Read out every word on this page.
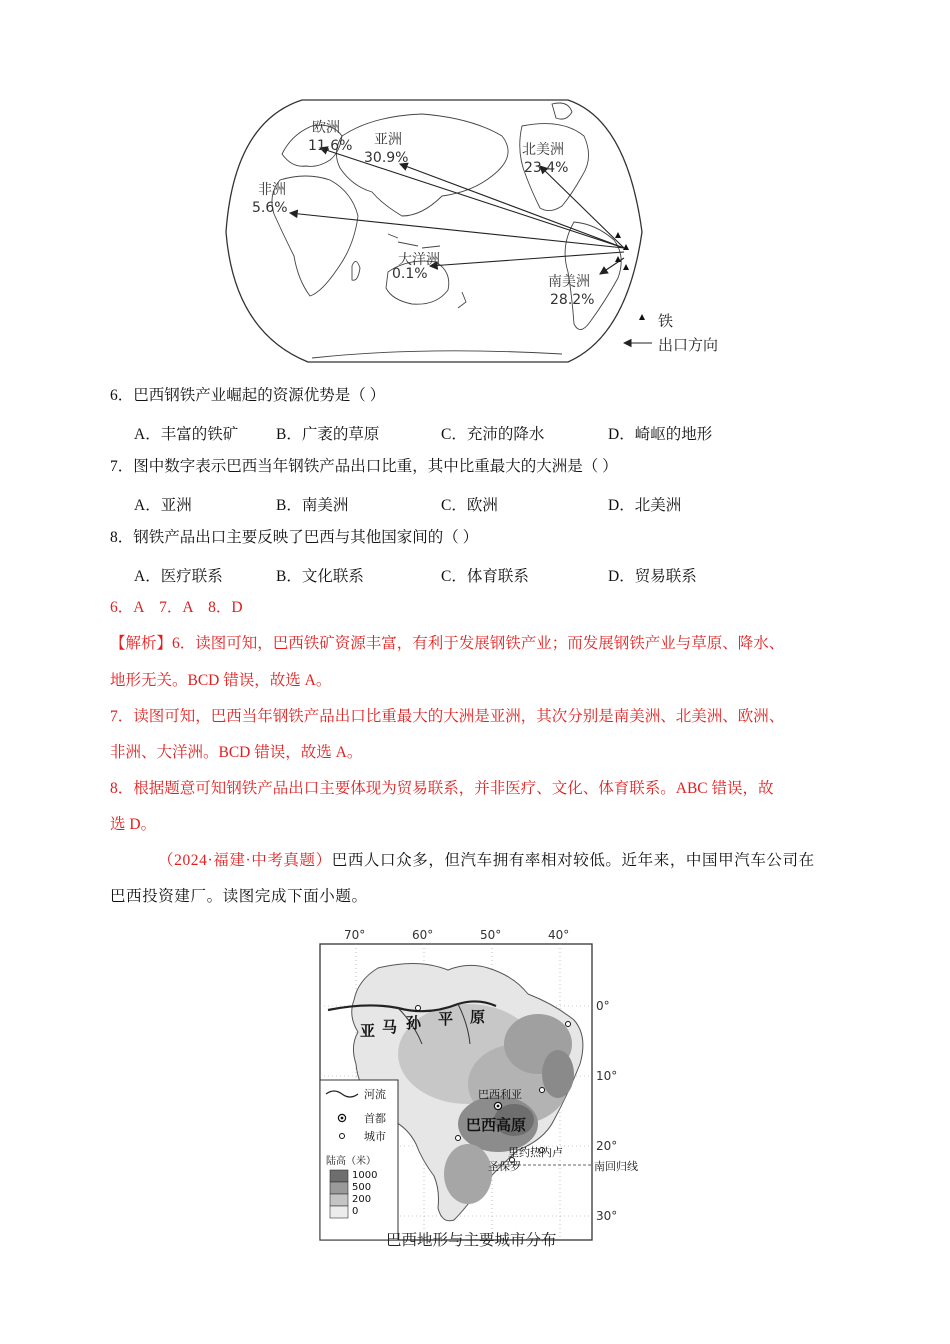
欧洲
11.6% 亚洲
30.9%	北美洲
23.4%
非洲
5.6%
大洋洲
0.1%	南美洲
28.2%
铁
出口方向
6．巴西钢铁产业崛起的资源优势是（ ）
A．丰富的铁矿 B．广袤的草原	C．充沛的降水	D．崎岖的地形
7．图中数字表示巴西当年钢铁产品出口比重，其中比重最大的大洲是（ ）
A．亚洲	B．南美洲	C．欧洲	D．北美洲
8．钢铁产品出口主要反映了巴西与其他国家间的（ ）
A．医疗联系	B．文化联系	C．体育联系	D．贸易联系
6．A    7．A    8．D
【解析】6．读图可知，巴西铁矿资源丰富，有利于发展钢铁产业；而发展钢铁产业与草原、降水、
地形无关。BCD 错误，故选 A。
7．读图可知，巴西当年钢铁产品出口比重最大的大洲是亚洲，其次分别是南美洲、北美洲、欧洲、
非洲、大洋洲。BCD 错误，故选 A。
8．根据题意可知钢铁产品出口主要体现为贸易联系，并非医疗、文化、体育联系。ABC 错误，故
选 D。
（2024·福建·中考真题）巴西人口众多，但汽车拥有率相对较低。近年来，中国甲汽车公司在
巴西投资建厂。读图完成下面小题。
70°	60°	50°	40°
0°
10°
20°
30°
亚 马 孙 平 原
巴西利亚
巴西高原
里约热内卢
圣保罗	南回归线
河流
首都
城市
陆高（米）
1000
500
200
0
巴西地形与主要城市分布
